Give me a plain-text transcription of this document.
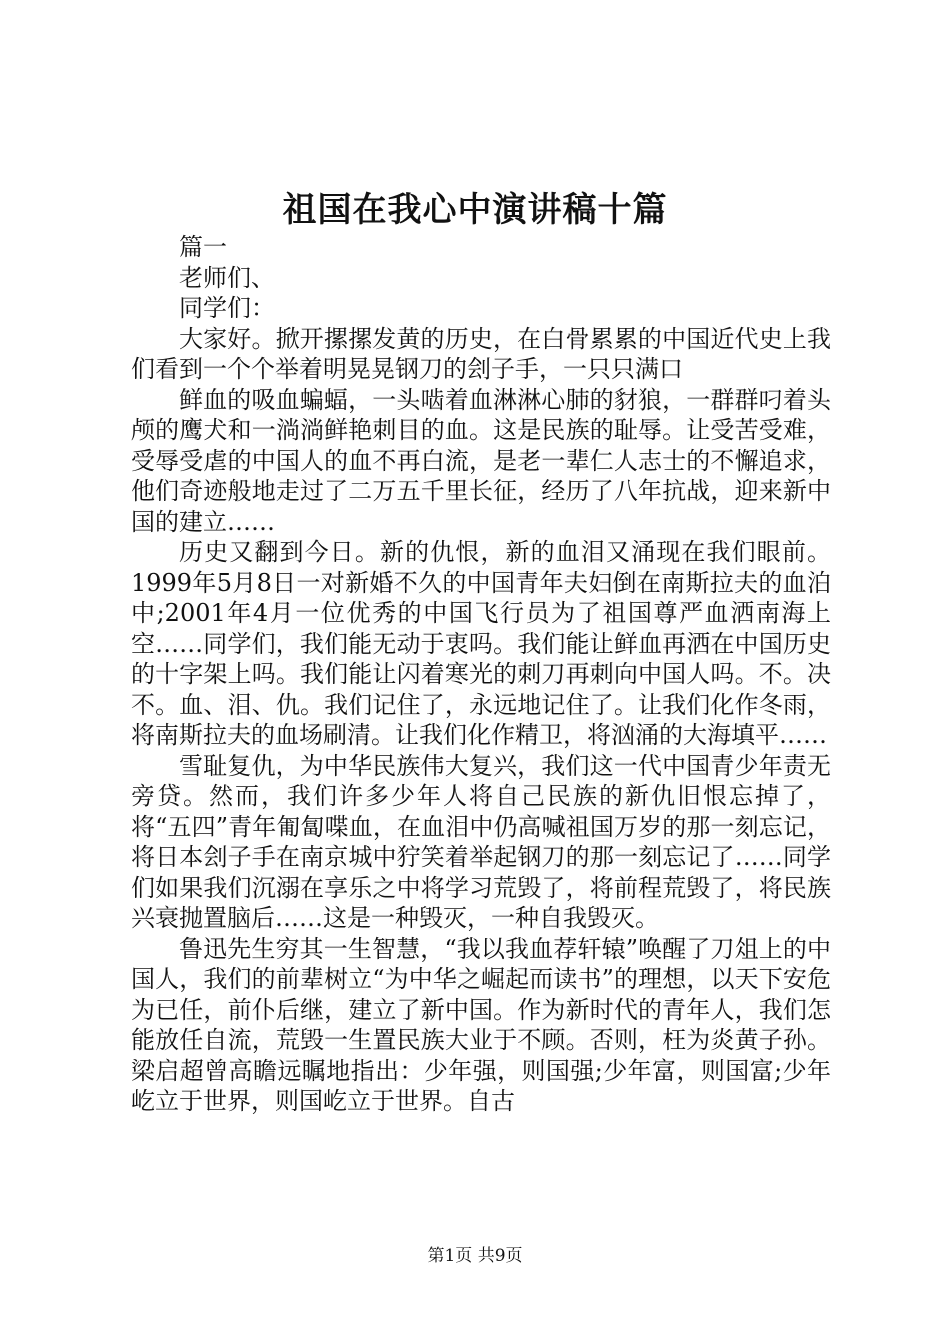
祖国在我心中演讲稿十篇

篇一

老师们、

同学们：

大家好。掀开摞摞发黄的历史，在白骨累累的中国近代史上我们看到一个个举着明晃晃钢刀的刽子手，一只只满口

鲜血的吸血蝙蝠，一头啮着血淋淋心肺的豺狼，一群群叼着头颅的鹰犬和一淌淌鲜艳刺目的血。这是民族的耻辱。让受苦受难，受辱受虐的中国人的血不再白流，是老一辈仁人志士的不懈追求，他们奇迹般地走过了二万五千里长征，经历了八年抗战，迎来新中国的建立……

历史又翻到今日。新的仇恨，新的血泪又涌现在我们眼前。1999年5月8日一对新婚不久的中国青年夫妇倒在南斯拉夫的血泊中;2001年4月一位优秀的中国飞行员为了祖国尊严血洒南海上空……同学们，我们能无动于衷吗。我们能让鲜血再洒在中国历史的十字架上吗。我们能让闪着寒光的刺刀再刺向中国人吗。不。决不。血、泪、仇。我们记住了，永远地记住了。让我们化作冬雨，将南斯拉夫的血场刷清。让我们化作精卫，将汹涌的大海填平……

雪耻复仇，为中华民族伟大复兴，我们这一代中国青少年责无旁贷。然而，我们许多少年人将自己民族的新仇旧恨忘掉了，将“五四”青年匍匐喋血，在血泪中仍高喊祖国万岁的那一刻忘记，将日本刽子手在南京城中狞笑着举起钢刀的那一刻忘记了……同学们如果我们沉溺在享乐之中将学习荒毁了，将前程荒毁了，将民族兴衰抛置脑后……这是一种毁灭，一种自我毁灭。

鲁迅先生穷其一生智慧，“我以我血荐轩辕”唤醒了刀俎上的中国人，我们的前辈树立“为中华之崛起而读书”的理想，以天下安危为已任，前仆后继，建立了新中国。作为新时代的青年人，我们怎能放任自流，荒毁一生置民族大业于不顾。否则，枉为炎黄子孙。梁启超曾高瞻远瞩地指出：少年强，则国强;少年富，则国富;少年屹立于世界，则国屹立于世界。自古

第1页 共9页
